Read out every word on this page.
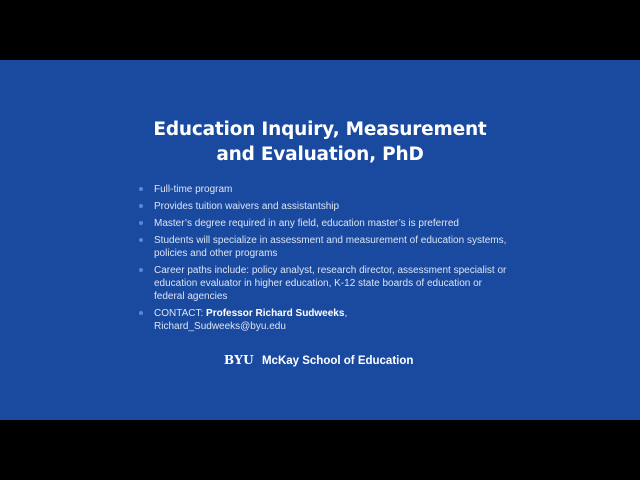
Education Inquiry, Measurement
and Evaluation, PhD
Full-time program
Provides tuition waivers and assistantship
Master’s degree required in any field, education master’s is preferred
Students will specialize in assessment and measurement of education systems, policies and other programs
Career paths include: policy analyst, research director, assessment specialist or education evaluator in higher education, K-12 state boards of education or federal agencies
CONTACT: Professor Richard Sudweeks,
Richard_Sudweeks@byu.edu
BYU McKay School of Education
